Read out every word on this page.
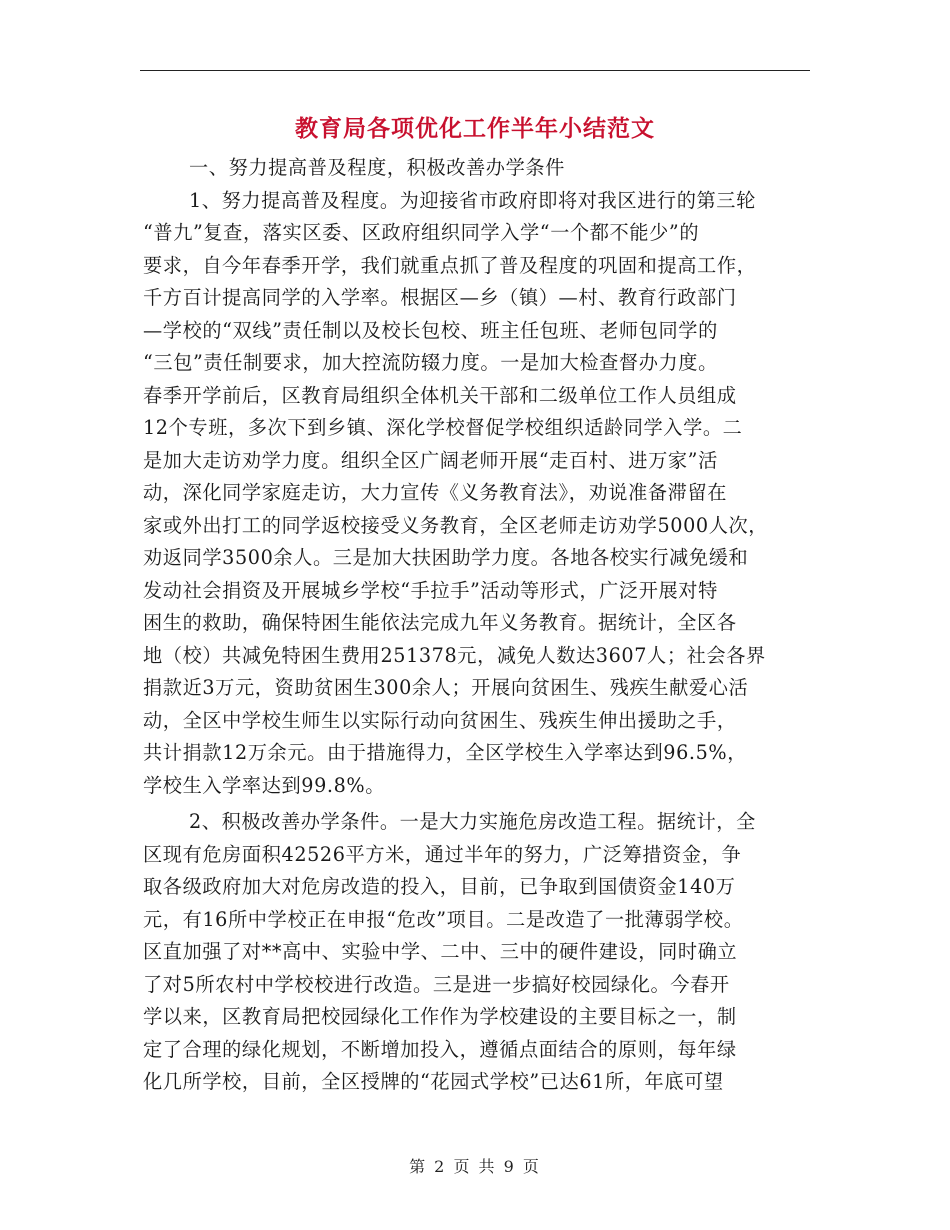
教育局各项优化工作半年小结范文
一、努力提高普及程度，积极改善办学条件
1、努力提高普及程度。为迎接省市政府即将对我区进行的第三轮
“普九”复查，落实区委、区政府组织同学入学“一个都不能少”的
要求，自今年春季开学，我们就重点抓了普及程度的巩固和提高工作，
千方百计提高同学的入学率。根据区—乡（镇）—村、教育行政部门
—学校的“双线”责任制以及校长包校、班主任包班、老师包同学的
“三包”责任制要求，加大控流防辍力度。一是加大检查督办力度。
春季开学前后，区教育局组织全体机关干部和二级单位工作人员组成
12个专班，多次下到乡镇、深化学校督促学校组织适龄同学入学。二
是加大走访劝学力度。组织全区广阔老师开展“走百村、进万家”活
动，深化同学家庭走访，大力宣传《义务教育法》，劝说准备滞留在
家或外出打工的同学返校接受义务教育，全区老师走访劝学5000人次，
劝返同学3500余人。三是加大扶困助学力度。各地各校实行减免缓和
发动社会捐资及开展城乡学校“手拉手”活动等形式，广泛开展对特
困生的救助，确保特困生能依法完成九年义务教育。据统计，全区各
地（校）共减免特困生费用251378元，减免人数达3607人；社会各界
捐款近3万元，资助贫困生300余人；开展向贫困生、残疾生献爱心活
动，全区中学校生师生以实际行动向贫困生、残疾生伸出援助之手，
共计捐款12万余元。由于措施得力，全区学校生入学率达到96.5%，
学校生入学率达到99.8%。
2、积极改善办学条件。一是大力实施危房改造工程。据统计，全
区现有危房面积42526平方米，通过半年的努力，广泛筹措资金，争
取各级政府加大对危房改造的投入，目前，已争取到国债资金140万
元，有16所中学校正在申报“危改”项目。二是改造了一批薄弱学校。
区直加强了对**高中、实验中学、二中、三中的硬件建设，同时确立
了对5所农村中学校校进行改造。三是进一步搞好校园绿化。今春开
学以来，区教育局把校园绿化工作作为学校建设的主要目标之一，制
定了合理的绿化规划，不断增加投入，遵循点面结合的原则，每年绿
化几所学校，目前，全区授牌的“花园式学校”已达61所，年底可望
第 2 页 共 9 页
